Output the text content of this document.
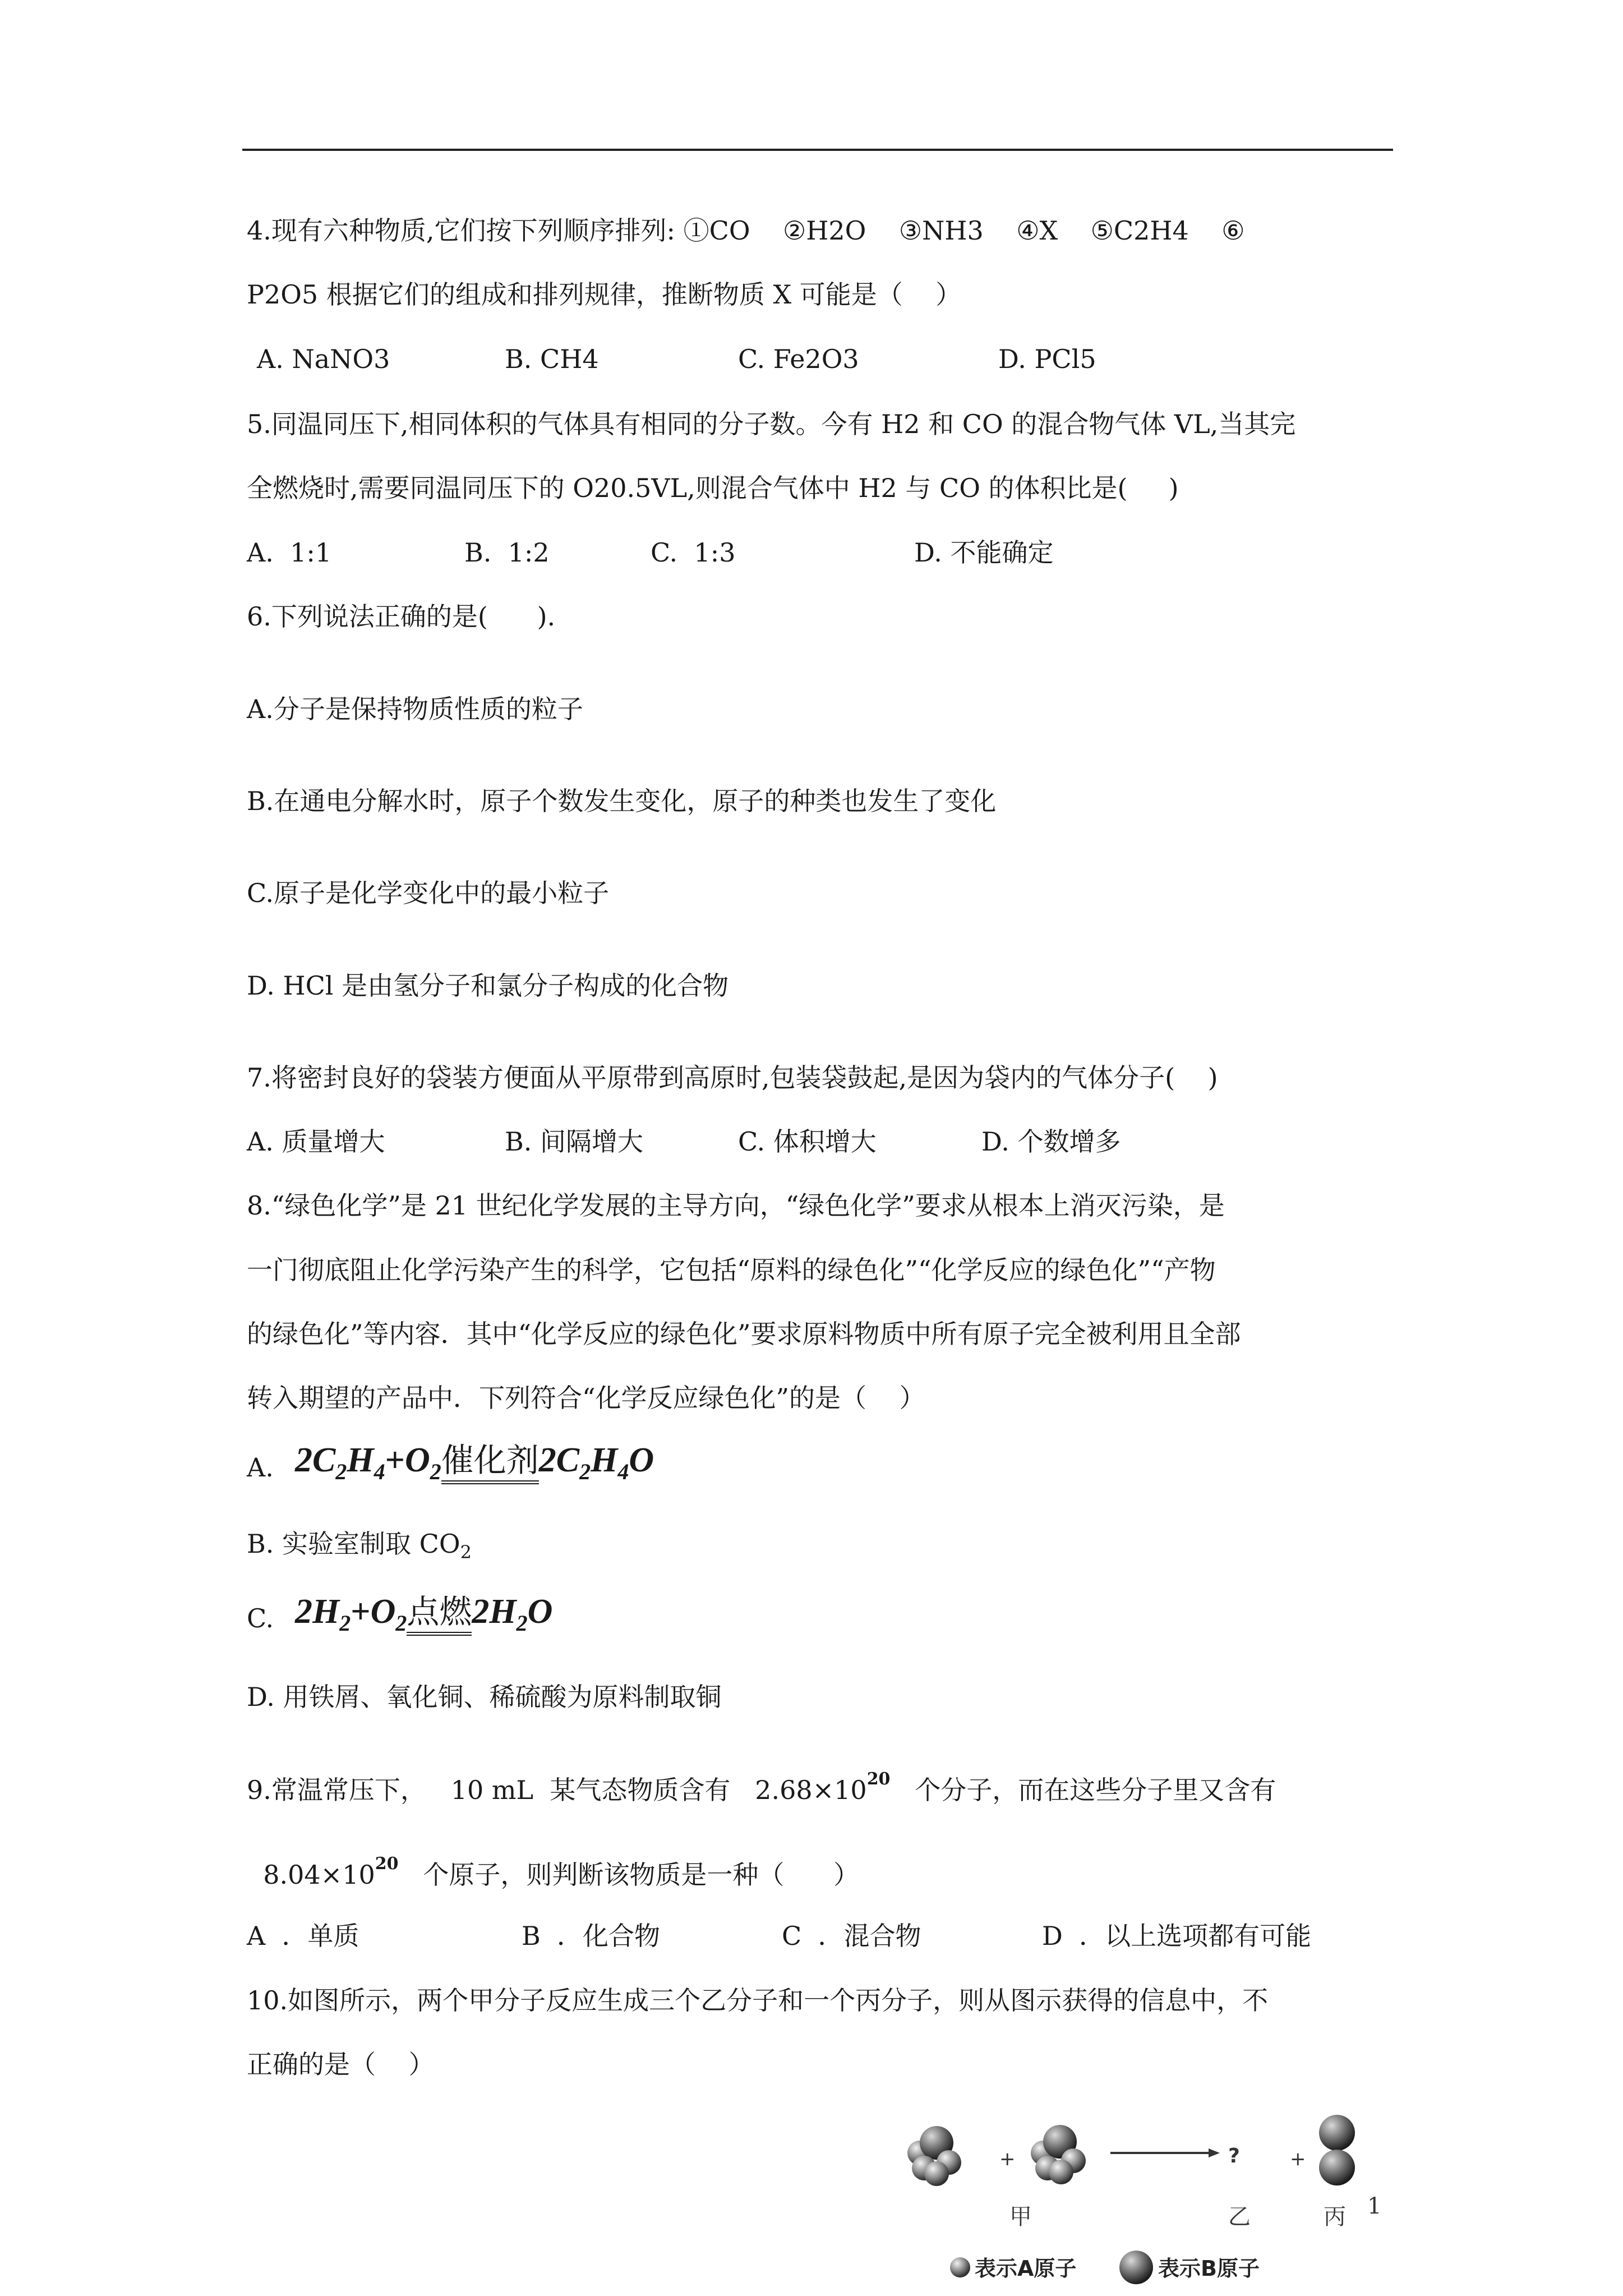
4.现有六种物质,它们按下列顺序排列: ①CO    ②H2O    ③NH3    ④X    ⑤C2H4    ⑥
P2O5 根据它们的组成和排列规律，推断物质 X 可能是（    ）
A. NaNO3	B. CH4	C. Fe2O3	D. PCl5
5.同温同压下,相同体积的气体具有相同的分子数。今有 H2 和 CO 的混合物气体 VL,当其完
全燃烧时,需要同温同压下的 O20.5VL,则混合气体中 H2 与 CO 的体积比是(     )
A.  1:1	B.  1:2	C.  1:3	D. 不能确定
6.下列说法正确的是(      ).
A.分子是保持物质性质的粒子
B.在通电分解水时，原子个数发生变化，原子的种类也发生了变化
C.原子是化学变化中的最小粒子
D. HCl 是由氢分子和氯分子构成的化合物
7.将密封良好的袋装方便面从平原带到高原时,包装袋鼓起,是因为袋内的气体分子(    )
A. 质量增大	B. 间隔增大	C. 体积增大	D. 个数增多
8.“绿色化学”是 21 世纪化学发展的主导方向，“绿色化学”要求从根本上消灭污染，是
一门彻底阻止化学污染产生的科学，它包括“原料的绿色化”“化学反应的绿色化”“产物
的绿色化”等内容．其中“化学反应的绿色化”要求原料物质中所有原子完全被利用且全部
转入期望的产品中．下列符合“化学反应绿色化”的是（    ）
A. $2C_2H_4+O_2$催化剂$2C_2H_4O$
B. 实验室制取 $CO_2$
C. $2H_2+O_2$点燃$2H_2O$
D. 用铁屑、氧化铜、稀硫酸为原料制取铜
9.常温常压下，   10 mL  某气态物质含有   $2.68\times 10^{20}$   个分子，而在这些分子里又含有
$8.04\times 10^{20}$   个原子，则判断该物质是一种（      ）
A  ．单质	B  ．化合物	C  ．混合物	D  ．以上选项都有可能
10.如图所示，两个甲分子反应生成三个乙分子和一个丙分子，则从图示获得的信息中，不
正确的是（    ）
+	?	+
1
甲	乙	丙
表示A原子	表示B原子
